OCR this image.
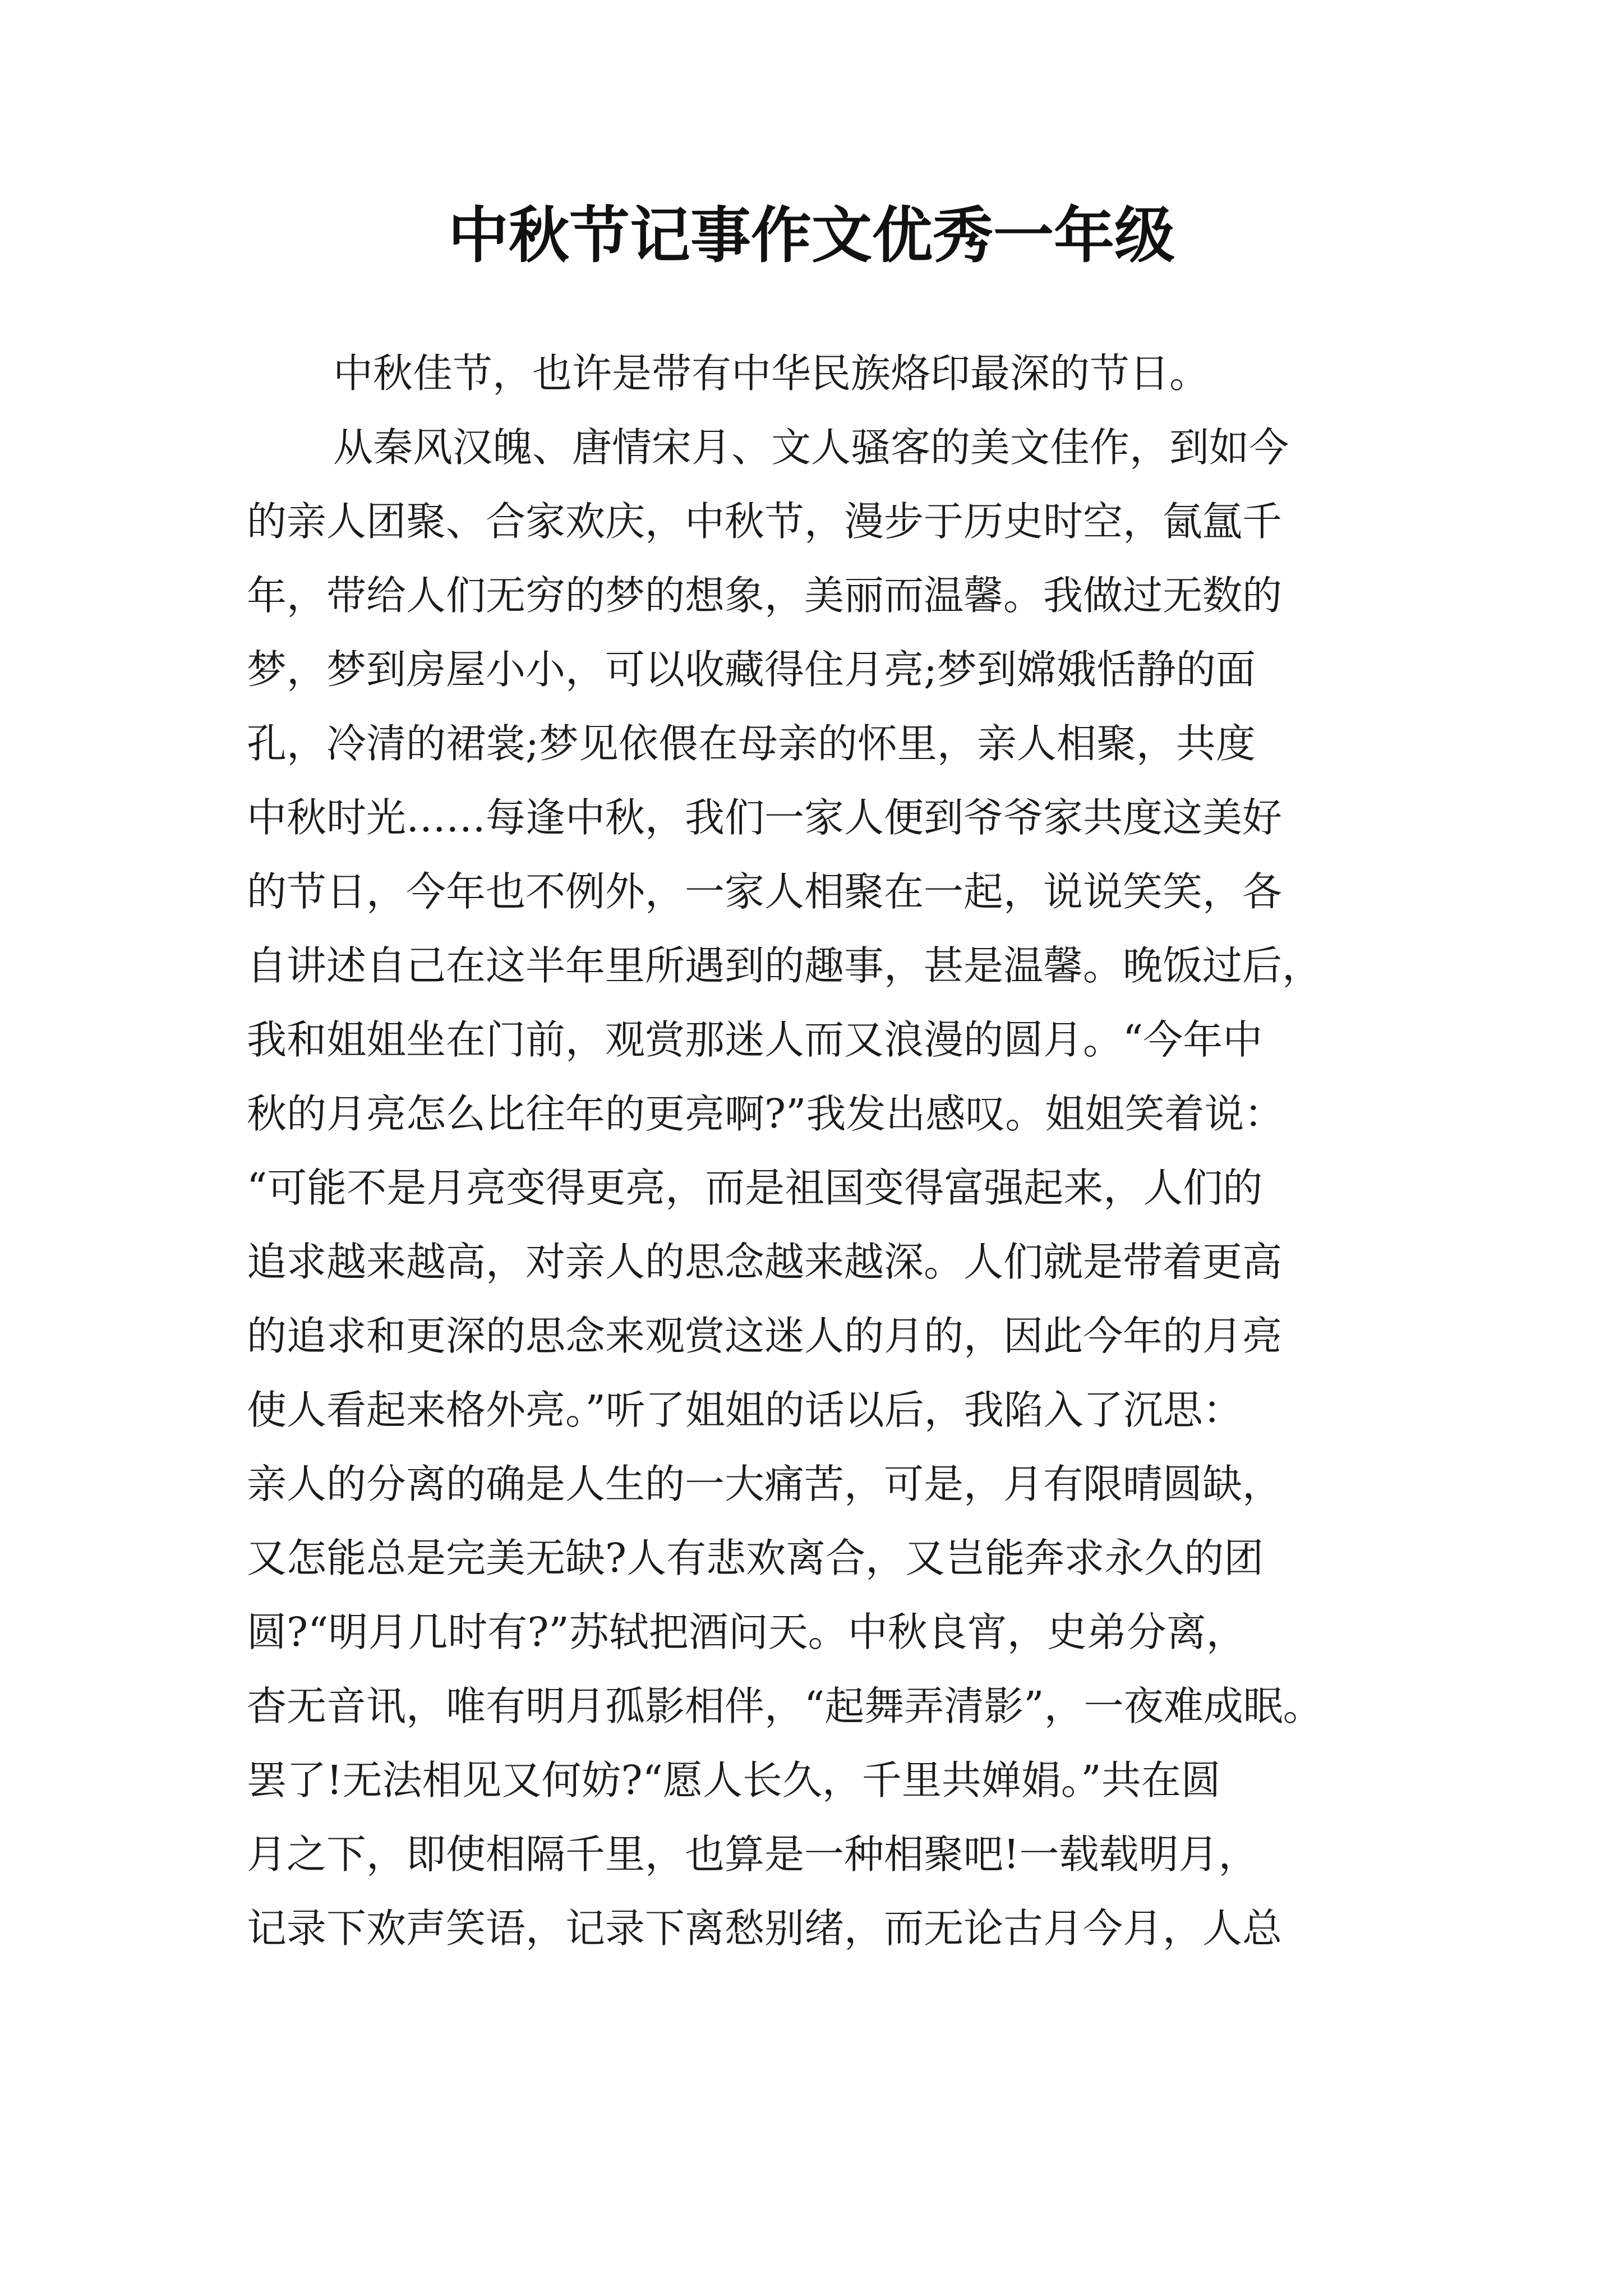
中秋节记事作文优秀一年级
中秋佳节，也许是带有中华民族烙印最深的节日。
从秦风汉魄、唐情宋月、文人骚客的美文佳作，到如今
的亲人团聚、合家欢庆，中秋节，漫步于历史时空，氤氲千
年，带给人们无穷的梦的想象，美丽而温馨。我做过无数的
梦，梦到房屋小小，可以收藏得住月亮;梦到嫦娥恬静的面
孔，冷清的裙裳;梦见依偎在母亲的怀里，亲人相聚，共度
中秋时光……每逢中秋，我们一家人便到爷爷家共度这美好
的节日，今年也不例外，一家人相聚在一起，说说笑笑，各
自讲述自己在这半年里所遇到的趣事，甚是温馨。晚饭过后，
我和姐姐坐在门前，观赏那迷人而又浪漫的圆月。“今年中
秋的月亮怎么比往年的更亮啊?”我发出感叹。姐姐笑着说：
“可能不是月亮变得更亮，而是祖国变得富强起来，人们的
追求越来越高，对亲人的思念越来越深。人们就是带着更高
的追求和更深的思念来观赏这迷人的月的，因此今年的月亮
使人看起来格外亮。”听了姐姐的话以后，我陷入了沉思：
亲人的分离的确是人生的一大痛苦，可是，月有限晴圆缺，
又怎能总是完美无缺?人有悲欢离合，又岂能奔求永久的团
圆?“明月几时有?”苏轼把酒问天。中秋良宵，史弟分离，
杳无音讯，唯有明月孤影相伴，“起舞弄清影”，一夜难成眠。
罢了!无法相见又何妨?“愿人长久，千里共婵娟。”共在圆
月之下，即使相隔千里，也算是一种相聚吧!一载载明月，
记录下欢声笑语，记录下离愁别绪，而无论古月今月，人总
